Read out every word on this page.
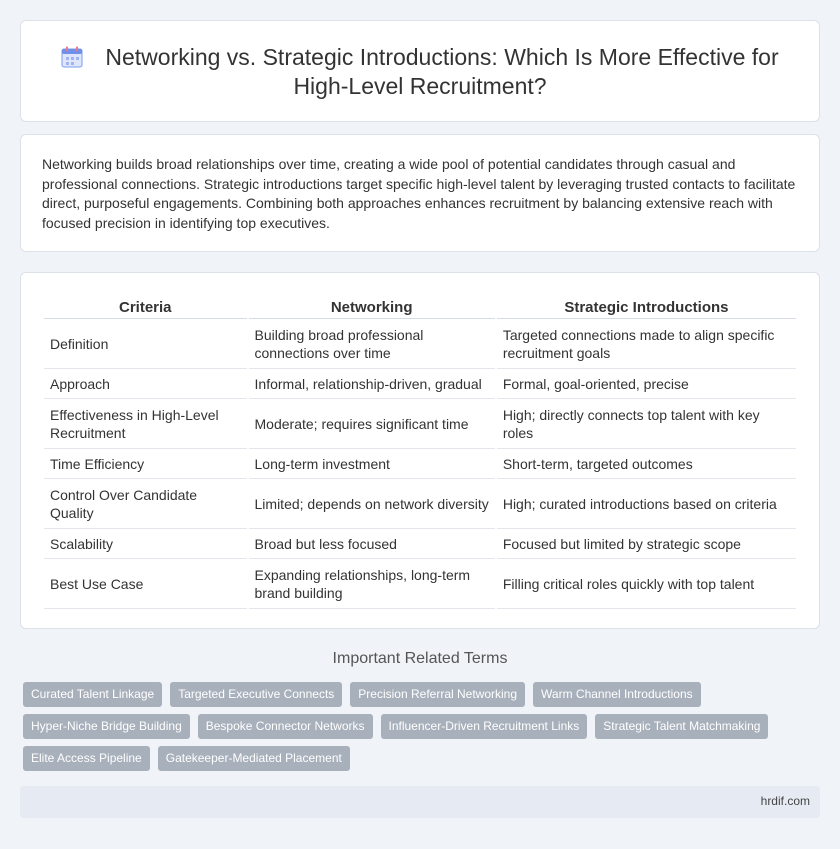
Networking vs. Strategic Introductions: Which Is More Effective for High-Level Recruitment?

Networking builds broad relationships over time, creating a wide pool of potential candidates through casual and professional connections. Strategic introductions target specific high-level talent by leveraging trusted contacts to facilitate direct, purposeful engagements. Combining both approaches enhances recruitment by balancing extensive reach with focused precision in identifying top executives.

Criteria	Networking	Strategic Introductions
Definition	Building broad professional connections over time	Targeted connections made to align specific recruitment goals
Approach	Informal, relationship-driven, gradual	Formal, goal-oriented, precise
Effectiveness in High-Level Recruitment	Moderate; requires significant time	High; directly connects top talent with key roles
Time Efficiency	Long-term investment	Short-term, targeted outcomes
Control Over Candidate Quality	Limited; depends on network diversity	High; curated introductions based on criteria
Scalability	Broad but less focused	Focused but limited by strategic scope
Best Use Case	Expanding relationships, long-term brand building	Filling critical roles quickly with top talent
Important Related Terms
Curated Talent Linkage	Targeted Executive Connects	Precision Referral Networking	Warm Channel Introductions
Hyper-Niche Bridge Building	Bespoke Connector Networks	Influencer-Driven Recruitment Links	Strategic Talent Matchmaking
Elite Access Pipeline	Gatekeeper-Mediated Placement
hrdif.com
